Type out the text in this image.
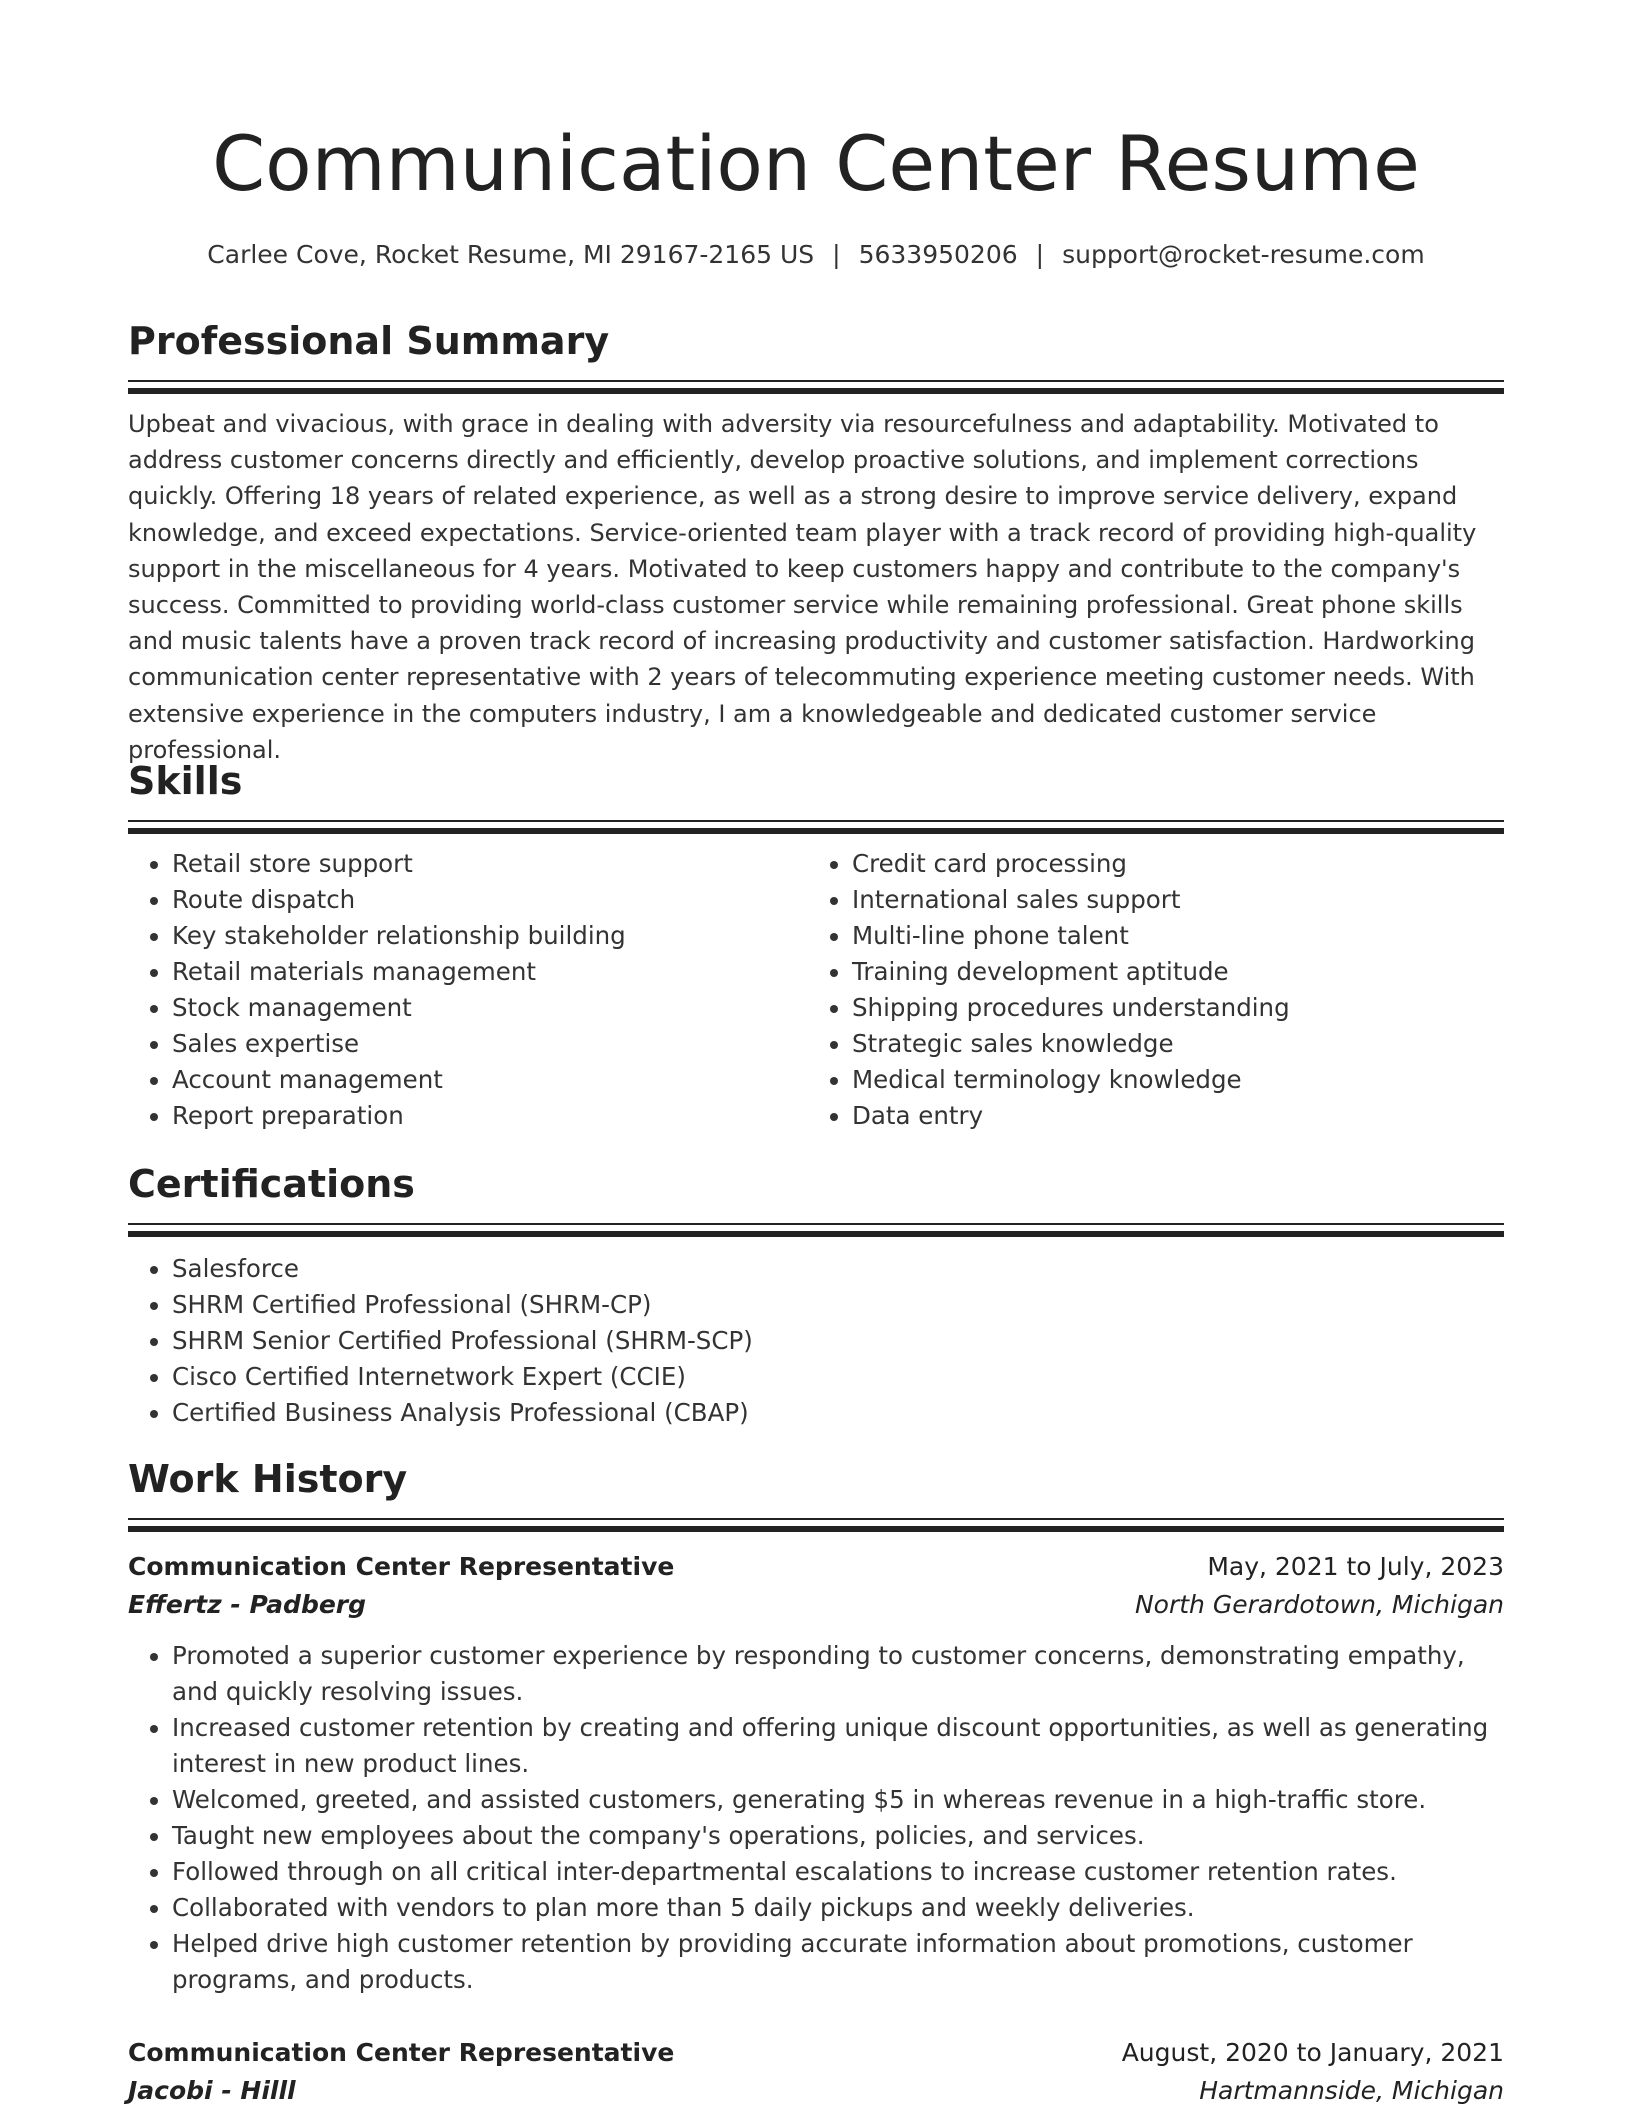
Communication Center Resume
Carlee Cove, Rocket Resume, MI 29167-2165 US | 5633950206 | support@rocket-resume.com
Professional Summary

Upbeat and vivacious, with grace in dealing with adversity via resourcefulness and adaptability. Motivated to address customer concerns directly and efficiently, develop proactive solutions, and implement corrections quickly. Offering 18 years of related experience, as well as a strong desire to improve service delivery, expand knowledge, and exceed expectations. Service-oriented team player with a track record of providing high-quality support in the miscellaneous for 4 years. Motivated to keep customers happy and contribute to the company's success. Committed to providing world-class customer service while remaining professional. Great phone skills and music talents have a proven track record of increasing productivity and customer satisfaction. Hardworking communication center representative with 2 years of telecommuting experience meeting customer needs. With extensive experience in the computers industry, I am a knowledgeable and dedicated customer service professional.

Skills
• Retail store support
• Route dispatch
• Key stakeholder relationship building
• Retail materials management
• Stock management
• Sales expertise
• Account management
• Report preparation
• Credit card processing
• International sales support
• Multi-line phone talent
• Training development aptitude
• Shipping procedures understanding
• Strategic sales knowledge
• Medical terminology knowledge
• Data entry
Certifications
• Salesforce
• SHRM Certified Professional (SHRM-CP)
• SHRM Senior Certified Professional (SHRM-SCP)
• Cisco Certified Internetwork Expert (CCIE)
• Certified Business Analysis Professional (CBAP)
Work History
Communication Center Representative	May, 2021 to July, 2023
Effertz - Padberg	North Gerardotown, Michigan
• Promoted a superior customer experience by responding to customer concerns, demonstrating empathy, and quickly resolving issues.
• Increased customer retention by creating and offering unique discount opportunities, as well as generating interest in new product lines.
• Welcomed, greeted, and assisted customers, generating $5 in whereas revenue in a high-traffic store.
• Taught new employees about the company's operations, policies, and services.
• Followed through on all critical inter-departmental escalations to increase customer retention rates.
• Collaborated with vendors to plan more than 5 daily pickups and weekly deliveries.
• Helped drive high customer retention by providing accurate information about promotions, customer programs, and products.
Communication Center Representative	August, 2020 to January, 2021
Jacobi - Hilll	Hartmannside, Michigan
